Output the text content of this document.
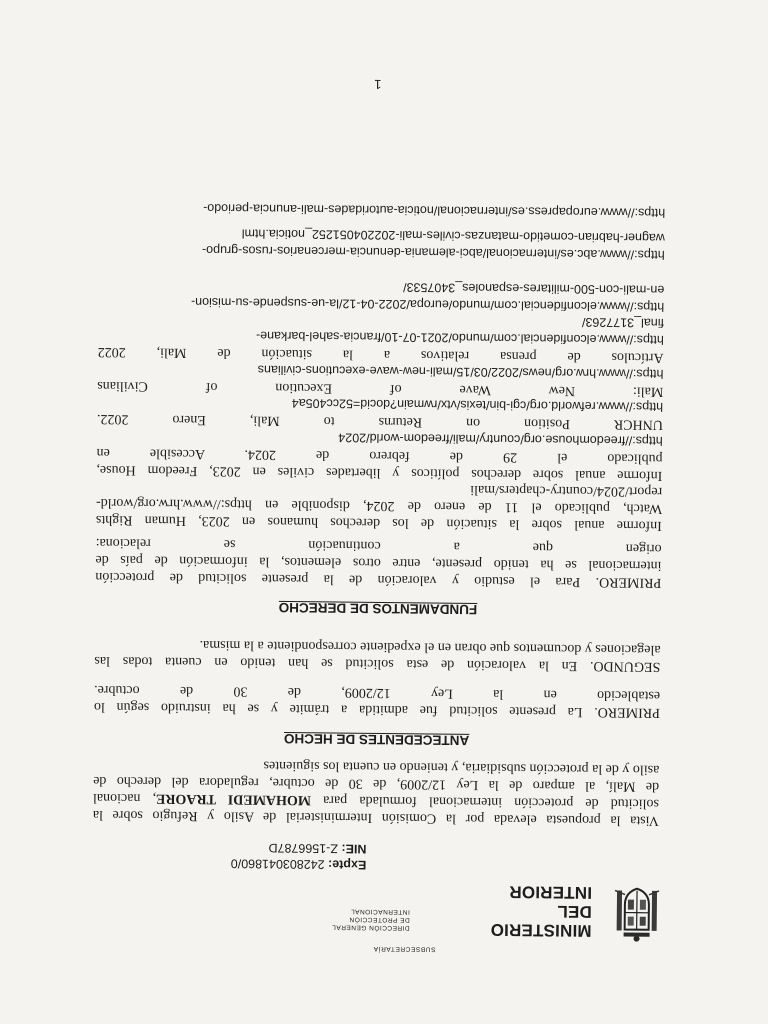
MINISTERIO
DEL
INTERIOR
SUBSECRETARÍA
DIRECCIÓN GENERAL
DE PROTECCIÓN
INTERNACIONAL
Expte: 242803041860/0
NIE: Z-1566787D
Vista la propuesta elevada por la Comisión Interministerial de Asilo y Refugio sobre la
solicitud de protección internacional formulada para MOHAMEDI TRAORE, nacional
de Malí, al amparo de la Ley 12/2009, de 30 de octubre, reguladora del derecho de
asilo y de la protección subsidiaria, y teniendo en cuenta los siguientes
ANTECEDENTES DE HECHO
PRIMERO. La presente solicitud fue admitida a trámite y se ha instruido según lo
establecido en la Ley 12/2009, de 30 de octubre.
SEGUNDO. En la valoración de esta solicitud se han tenido en cuenta todas las
alegaciones y documentos que obran en el expediente correspondiente a la misma.
FUNDAMENTOS DE DERECHO
PRIMERO. Para el estudio y valoración de la presente solicitud de protección
internacional se ha tenido presente, entre otros elementos, la información de país de
origen que a continuación se relaciona:
Informe anual sobre la situación de los derechos humanos en 2023, Human Rights
Watch, publicado el 11 de enero de 2024, disponible en https://www.hrw.org/world-
report/2024/country-chapters/mali
Informe anual sobre derechos políticos y libertades civiles en 2023, Freedom House,
publicado el 29 de febrero de 2024. Accesible en
https://freedomhouse.org/country/mali/freedom-world/2024
UNHCR Position on Returns to Mali, Enero 2022.
https://www.refworld.org/cgi-bin/texis/vtx/rwmain?docid=52cc405a4
Mali: New Wave of Execution of Civilians
https://www.hrw.org/news/2022/03/15/mali-new-wave-executions-civilians
Artículos de prensa relativos a la situación de Mali, 2022
https://www.elconfidencial.com/mundo/2021-07-10/francia-sahel-barkane-
final_3177263/
https://www.elconfidencial.com/mundo/europa/2022-04-12/la-ue-suspende-su-mision-
en-mali-con-500-militares-espanoles_3407533/
https://www.abc.es/internacional/abci-alemania-denuncia-mercenarios-rusos-grupo-
wagner-habrian-cometido-matanzas-civiles-mali-202204051252_noticia.html
https://www.europapress.es/internacional/noticia-autoridades-mali-anuncia-periodo-
1
